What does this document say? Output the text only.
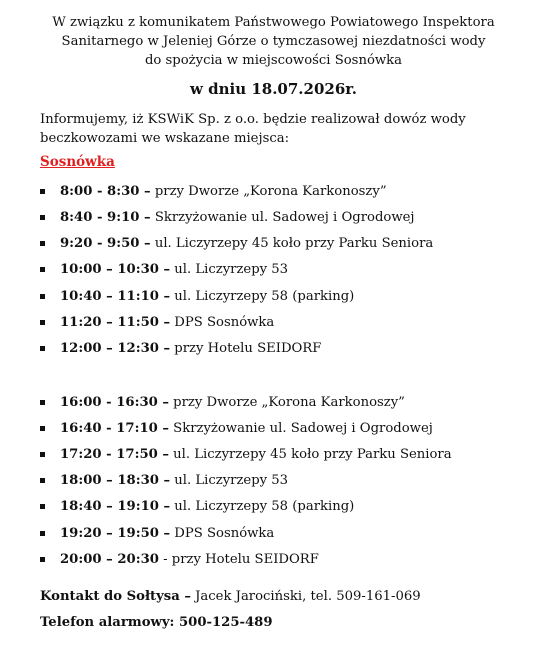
W związku z komunikatem Państwowego Powiatowego Inspektora
Sanitarnego w Jeleniej Górze o tymczasowej niezdatności wody
do spożycia w miejscowości Sosnówka
w dniu 18.07.2026r.
Informujemy, iż KSWiK Sp. z o.o. będzie realizował dowóz wody
beczkowozami we wskazane miejsca:
Sosnówka
8:00 - 8:30 – przy Dworze „Korona Karkonoszy”
8:40 - 9:10 – Skrzyżowanie ul. Sadowej i Ogrodowej
9:20 - 9:50 – ul. Liczyrzepy 45 koło przy Parku Seniora
10:00 – 10:30 – ul. Liczyrzepy 53
10:40 – 11:10 – ul. Liczyrzepy 58 (parking)
11:20 – 11:50 – DPS Sosnówka
12:00 – 12:30 – przy Hotelu SEIDORF
16:00 - 16:30 – przy Dworze „Korona Karkonoszy”
16:40 - 17:10 – Skrzyżowanie ul. Sadowej i Ogrodowej
17:20 - 17:50 – ul. Liczyrzepy 45 koło przy Parku Seniora
18:00 – 18:30 – ul. Liczyrzepy 53
18:40 – 19:10 – ul. Liczyrzepy 58 (parking)
19:20 – 19:50 – DPS Sosnówka
20:00 – 20:30 - przy Hotelu SEIDORF
Kontakt do Sołtysa – Jacek Jarociński, tel. 509-161-069
Telefon alarmowy: 500-125-489
